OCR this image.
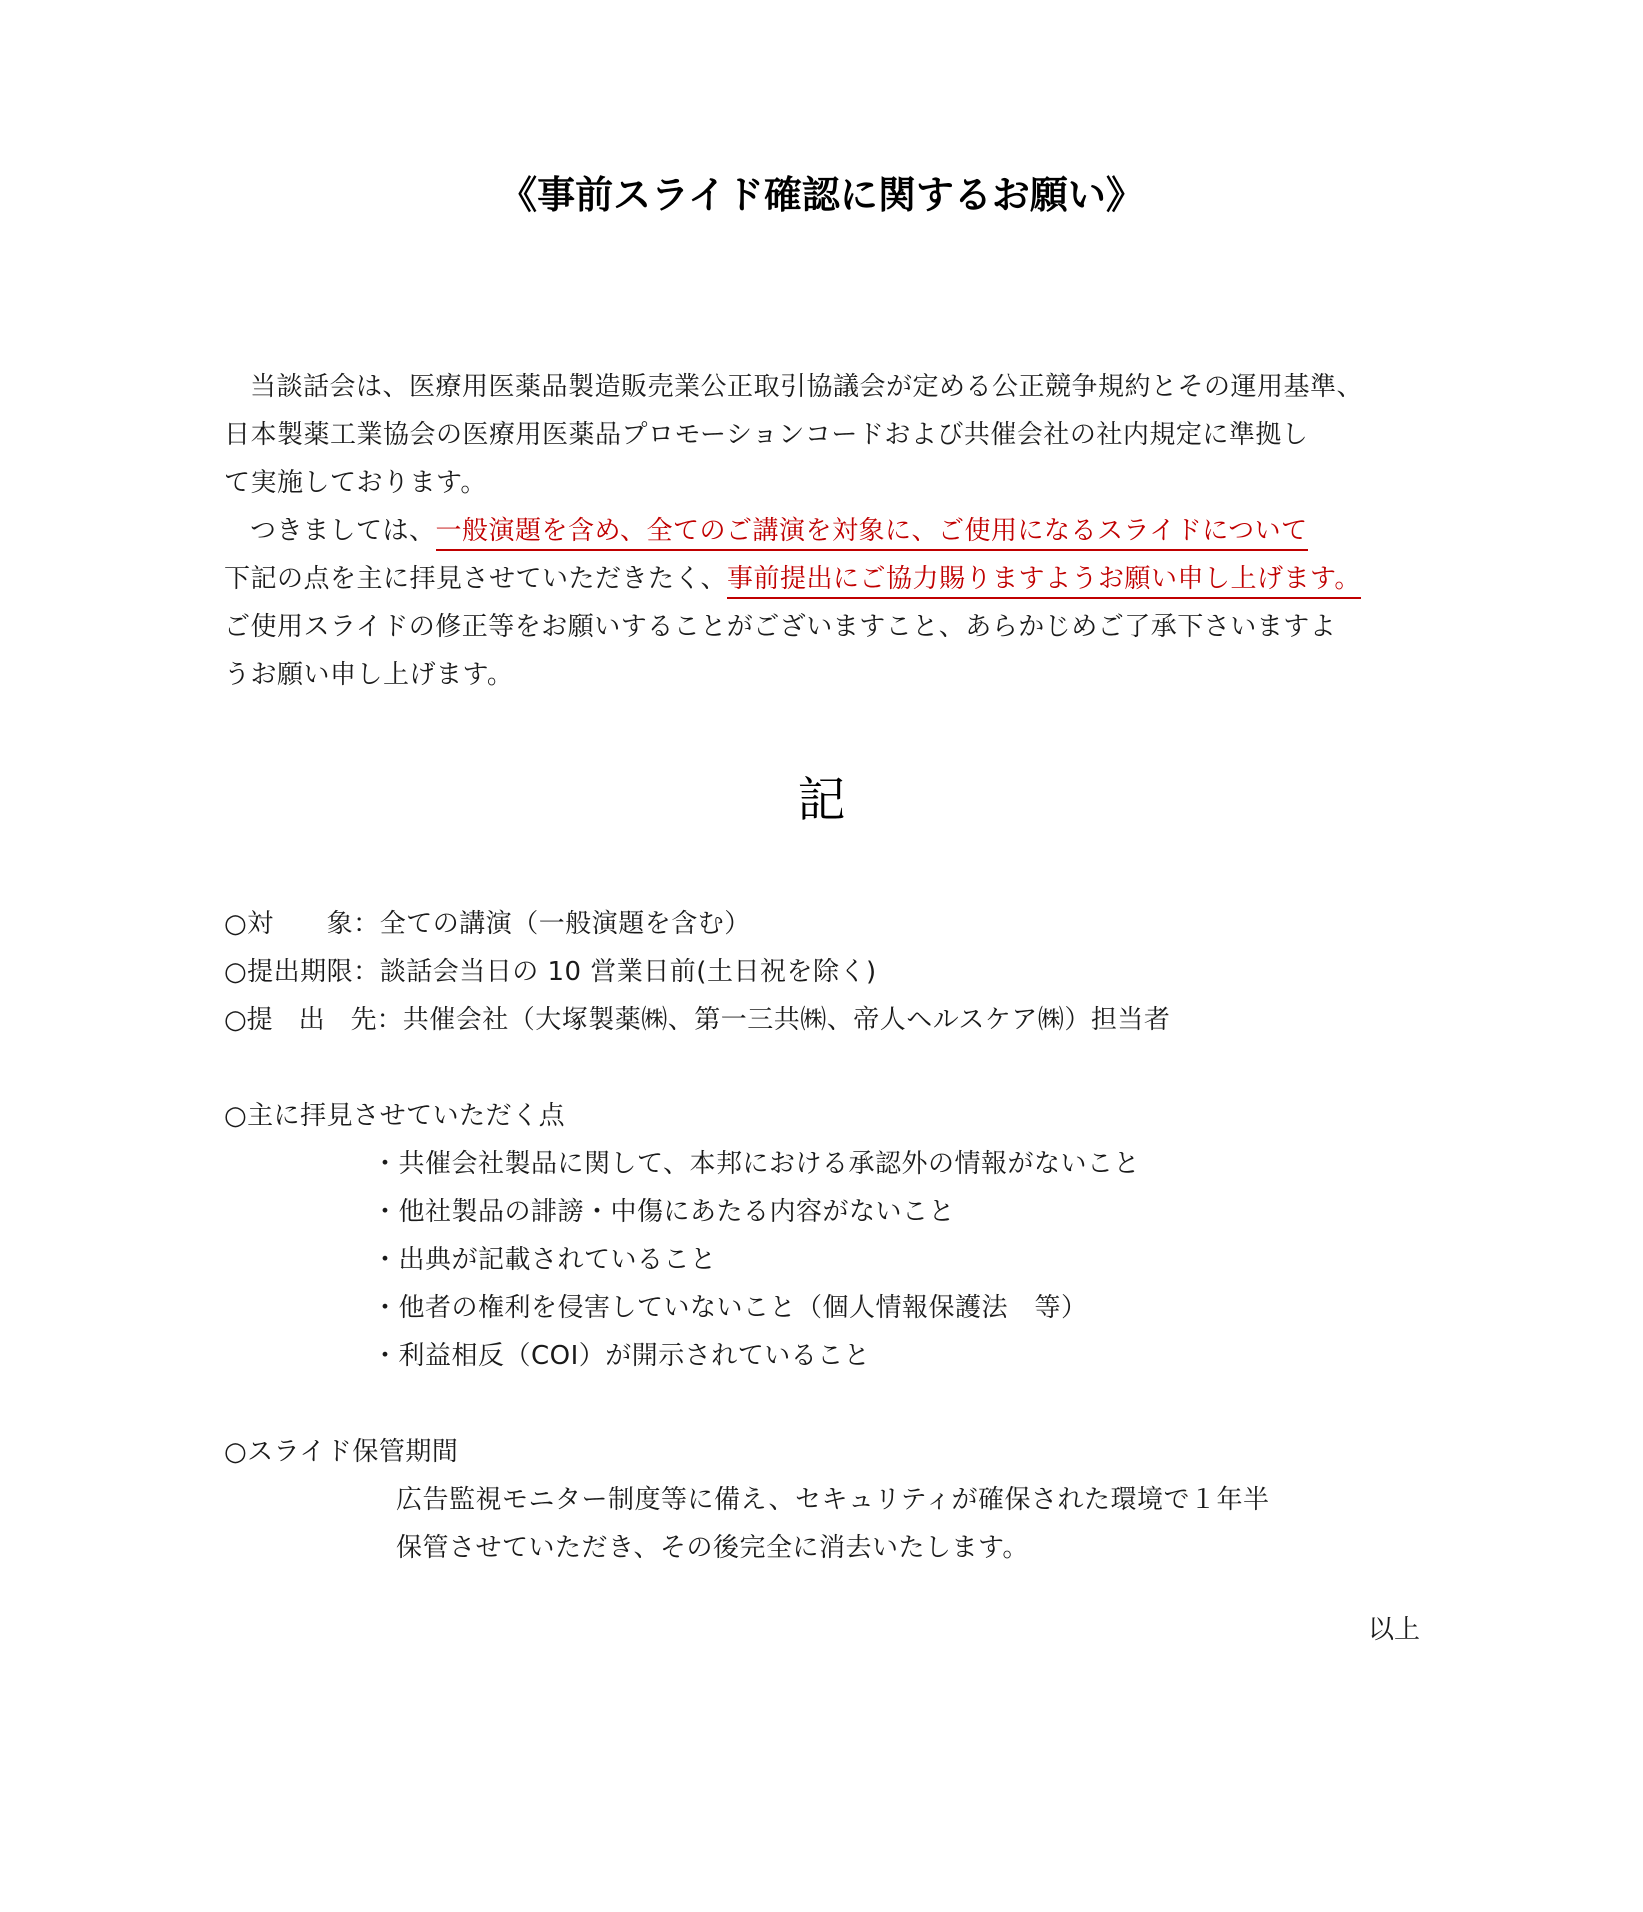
《事前スライド確認に関するお願い》

当談話会は、医療用医薬品製造販売業公正取引協議会が定める公正競争規約とその運用基準、

日本製薬工業協会の医療用医薬品プロモーションコードおよび共催会社の社内規定に準拠し

て実施しております。

つきましては、一般演題を含め、全てのご講演を対象に、ご使用になるスライドについて

下記の点を主に拝見させていただきたく、事前提出にご協力賜りますようお願い申し上げます。

ご使用スライドの修正等をお願いすることがございますこと、あらかじめご了承下さいますよ

うお願い申し上げます。

記
○対　　象：全ての講演（一般演題を含む）
○提出期限：談話会当日の 10 営業日前(土日祝を除く)
○提　出　先：共催会社（大塚製薬㈱、第一三共㈱、帝人ヘルスケア㈱）担当者
○主に拝見させていただく点
・共催会社製品に関して、本邦における承認外の情報がないこと
・他社製品の誹謗・中傷にあたる内容がないこと
・出典が記載されていること
・他者の権利を侵害していないこと（個人情報保護法　等）
・利益相反（COI）が開示されていること
○スライド保管期間
広告監視モニター制度等に備え、セキュリティが確保された環境で１年半
保管させていただき、その後完全に消去いたします。
以上
